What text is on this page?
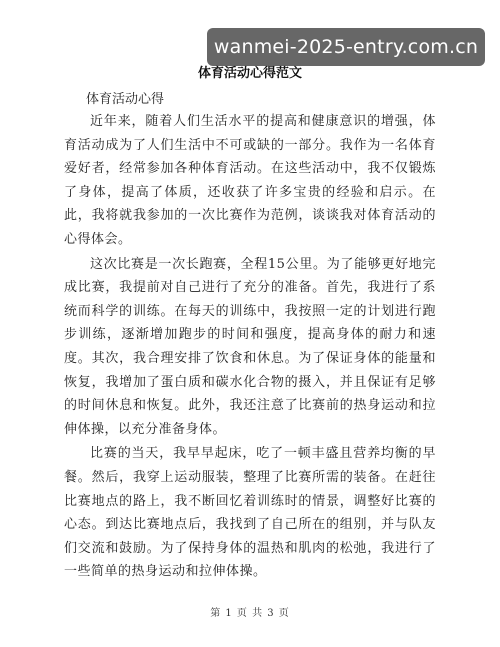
体育活动心得范文
体育活动心得

近年来，随着人们生活水平的提高和健康意识的增强，体育活动成为了人们生活中不可或缺的一部分。我作为一名体育爱好者，经常参加各种体育活动。在这些活动中，我不仅锻炼了身体，提高了体质，还收获了许多宝贵的经验和启示。在此，我将就我参加的一次比赛作为范例，谈谈我对体育活动的心得体会。

这次比赛是一次长跑赛，全程15公里。为了能够更好地完成比赛，我提前对自己进行了充分的准备。首先，我进行了系统而科学的训练。在每天的训练中，我按照一定的计划进行跑步训练，逐渐增加跑步的时间和强度，提高身体的耐力和速度。其次，我合理安排了饮食和休息。为了保证身体的能量和恢复，我增加了蛋白质和碳水化合物的摄入，并且保证有足够的时间休息和恢复。此外，我还注意了比赛前的热身运动和拉伸体操，以充分准备身体。

比赛的当天，我早早起床，吃了一顿丰盛且营养均衡的早餐。然后，我穿上运动服装，整理了比赛所需的装备。在赶往比赛地点的路上，我不断回忆着训练时的情景，调整好比赛的心态。到达比赛地点后，我找到了自己所在的组别，并与队友们交流和鼓励。为了保持身体的温热和肌肉的松弛，我进行了一些简单的热身运动和拉伸体操。

第 1 页 共 3 页
wanmei-2025-entry.com.cn
